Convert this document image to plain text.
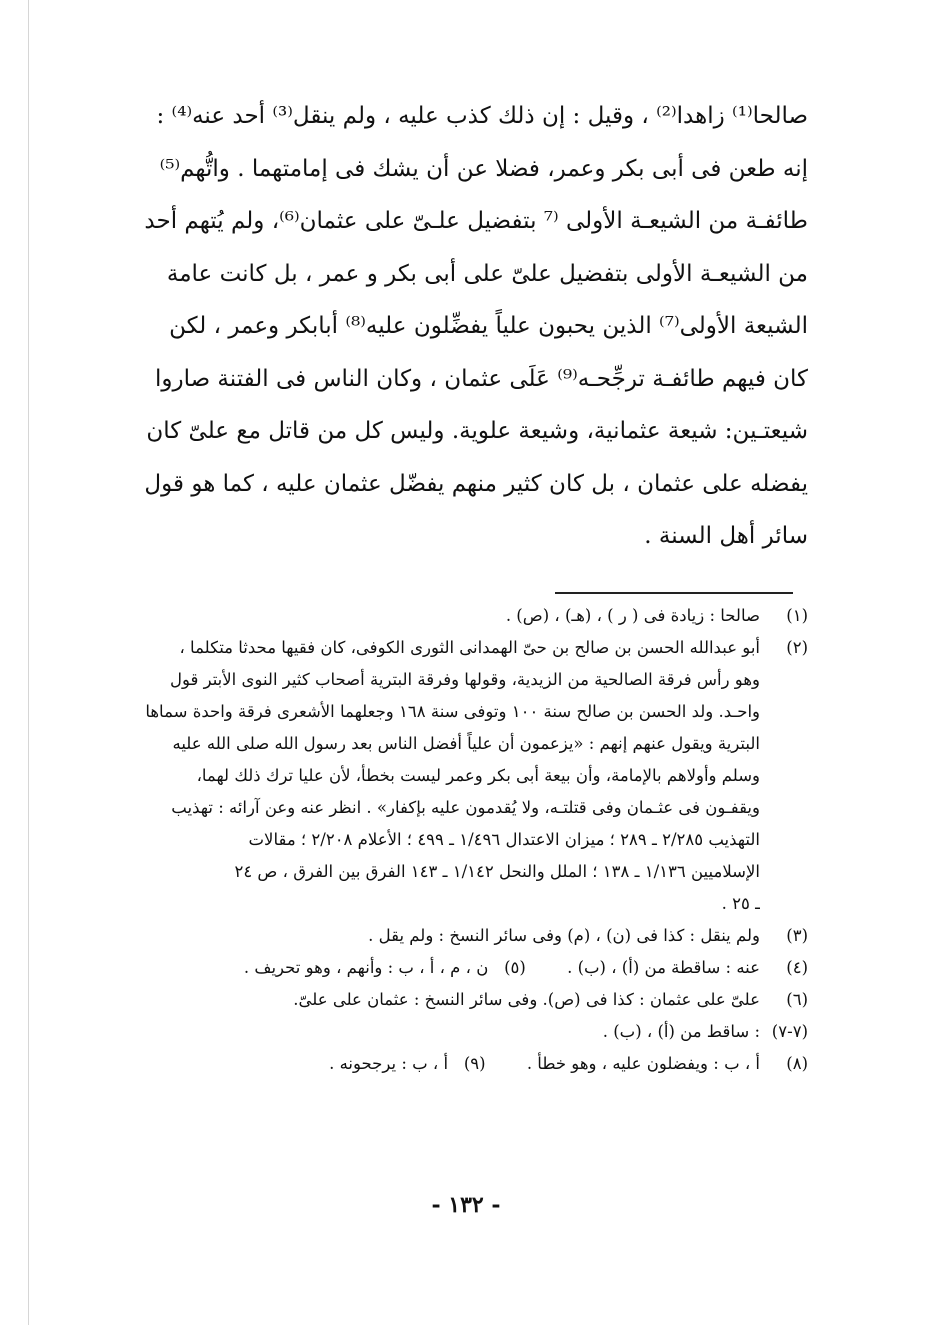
صالحا⁽¹⁾ زاهدا⁽²⁾ ، وقيل : إن ذلك كذب عليه ، ولم ينقل⁽³⁾ أحد عنه⁽⁴⁾ :
إنه طعن فى أبى بكر وعمر، فضلا عن أن يشك فى إمامتهما . واتُّهم⁽⁵⁾
طائفـة من الشيعـة الأولى ⁽⁷ بتفضيل علـىّ على عثمان⁽⁶⁾، ولم يُتهم أحد
من الشيعـة الأولى بتفضيل علىّ على أبى بكر و عمر ، بل كانت عامة
الشيعة الأولى⁽⁷⁾ الذين يحبون علياً يفضِّلون عليه⁽⁸⁾ أبابكر وعمر ، لكن
كان فيهم طائفـة ترجِّحـه⁽⁹⁾ عَلَى عثمان ، وكان الناس فى الفتنة صاروا
شيعتـين: شيعة عثمانية، وشيعة علوية. وليس كل من قاتل مع علىّ كان
يفضله على عثمان ، بل كان كثير منهم يفضّل عثمان عليه ، كما هو قول
سائر أهل السنة .

(١)
صالحا : زيادة فى ( ر ) ، (هـ) ، (ص) .
(٢)
أبو عبدالله الحسن بن صالح بن حىّ الهمدانى الثورى الكوفى، كان فقيها محدثا متكلما ،
وهو رأس فرقة الصالحية من الزيدية، وقولها وفرقة البترية أصحاب كثير النوى الأبتر قول
واحـد. ولد الحسن بن صالح سنة ١٠٠ وتوفى سنة ١٦٨ وجعلهما الأشعرى فرقة واحدة سماها
البترية ويقول عنهم إنهم : «يزعمون أن علياً أفضل الناس بعد رسول الله صلى الله عليه
وسلم وأولاهم بالإمامة، وأن بيعة أبى بكر وعمر ليست بخطأ، لأن عليا ترك ذلك لهما،
ويقفـون فى عثـمان وفى قتلتـه، ولا يُقدمون عليه بإكفار» . انظر عنه وعن آرائه : تهذيب
التهذيب ٢/٢٨٥ ـ ٢٨٩ ؛ ميزان الاعتدال ١/٤٩٦ ـ ٤٩٩ ؛ الأعلام ٢/٢٠٨ ؛ مقالات
الإسلاميين ١/١٣٦ ـ ١٣٨ ؛ الملل والنحل ١/١٤٢ ـ ١٤٣ الفرق بين الفرق ، ص ٢٤
ـ ٢٥ .
(٣)
ولم ينقل : كذا فى (ن) ، (م) وفى سائر النسخ : ولم يقل .
(٤)
عنه : ساقطة من (أ) ، (ب) . (٥)   ن ، م ، أ ، ب : وأنهم ، وهو تحريف .
(٦)
علىّ على عثمان : كذا فى (ص). وفى سائر النسخ : عثمان على علىّ.
(٧-٧)
: ساقط من (أ) ، (ب) .
(٨)
أ ، ب : ويفضلون عليه ، وهو خطأ . (٩)   أ ، ب : يرجحونه .
- ١٣٢ -
